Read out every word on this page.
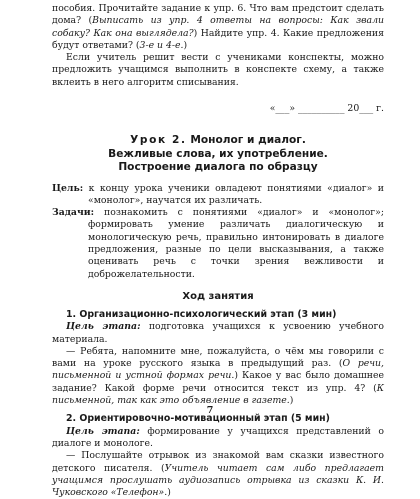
пособия. Прочитайте задание к упр. 6. Что вам предстоит сделать дома? (Выписать из упр. 4 ответы на вопросы: Как звали собаку? Как она выглядела?) Найдите упр. 4. Какие предложения будут ответами? (3-е и 4-е.)

Если учитель решит вести с учениками конспекты, можно предложить учащимся выполнить в конспекте схему, а также вклеить в него алгоритм списывания.

«___» __________ 20___ г.

Урок 2. Монолог и диалог.
Вежливые слова, их употребление.
Построение диалога по образцу

Цель: к концу урока ученики овладеют понятиями «диалог» и «монолог», научатся их различать.

Задачи: познакомить с понятиями «диалог» и «монолог»; формировать умение различать диалогическую и монологическую речь, правильно интонировать в диалоге предложения, разные по цели высказывания, а также оценивать речь с точки зрения вежливости и доброжелательности.

Ход занятия

1. Организационно-психологический этап (3 мин)

Цель этапа: подготовка учащихся к усвоению учебного материала.

— Ребята, напомните мне, пожалуйста, о чём мы говорили с вами на уроке русского языка в предыдущий раз. (О речи, письменной и устной формах речи.) Какое у вас было домашнее задание? Какой форме речи относится текст из упр. 4? (К письменной, так как это объявление в газете.)

2. Ориентировочно-мотивационный этап (5 мин)

Цель этапа: формирование у учащихся представлений о диалоге и монологе.

— Послушайте отрывок из знакомой вам сказки известного детского писателя. (Учитель читает сам либо предлагает учащимся прослушать аудиозапись отрывка из сказки К. И. Чуковского «Телефон».)

7
